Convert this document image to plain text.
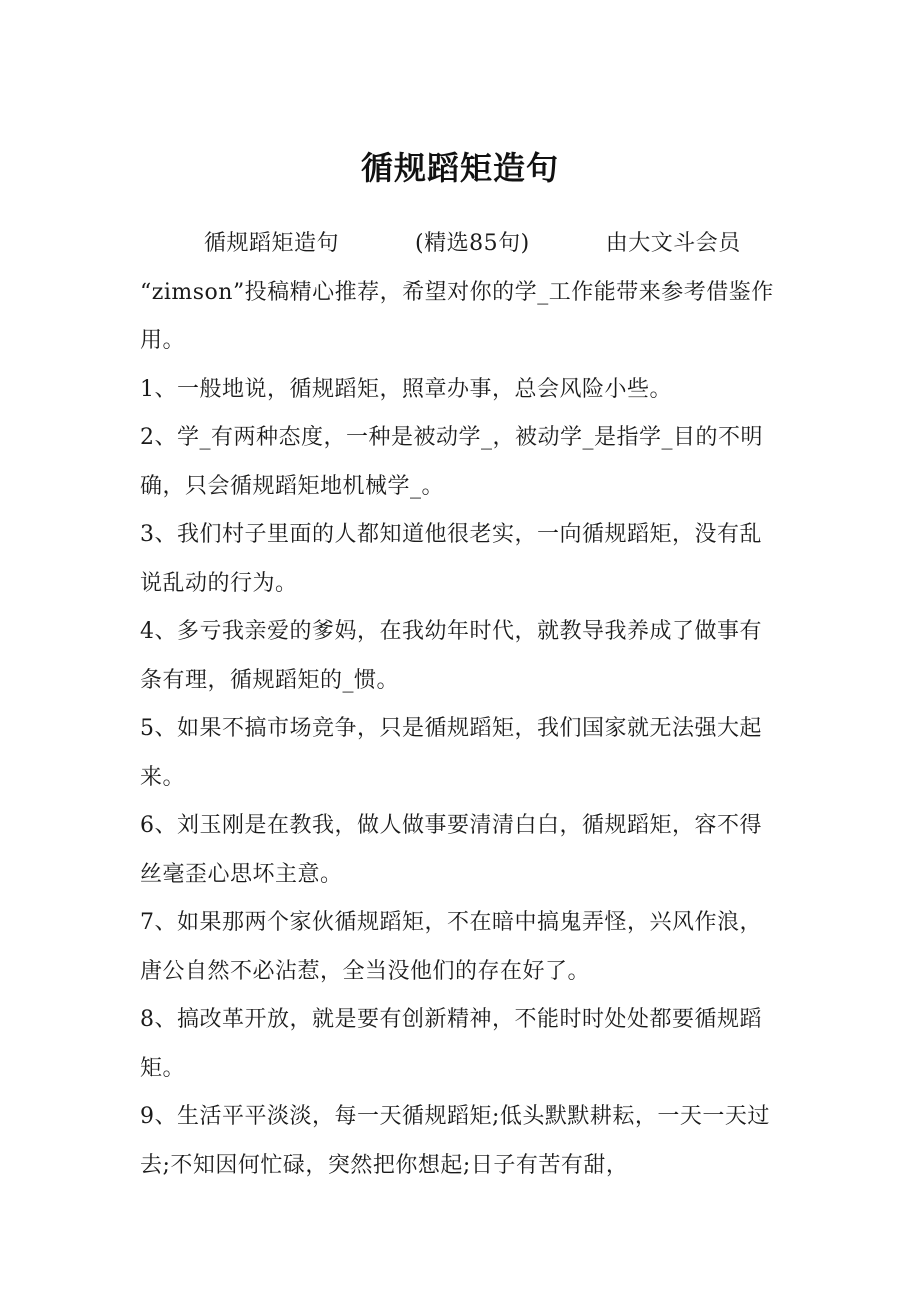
循规蹈矩造句
循规蹈矩造句	(精选85句)	由大文斗会员

“zimson”投稿精心推荐，希望对你的学_工作能带来参考借鉴作用。

1、一般地说，循规蹈矩，照章办事，总会风险小些。

2、学_有两种态度，一种是被动学_，被动学_是指学_目的不明确，只会循规蹈矩地机械学_。

3、我们村子里面的人都知道他很老实，一向循规蹈矩，没有乱说乱动的行为。

4、多亏我亲爱的爹妈，在我幼年时代，就教导我养成了做事有条有理，循规蹈矩的_惯。

5、如果不搞市场竞争，只是循规蹈矩，我们国家就无法强大起来。

6、刘玉刚是在教我，做人做事要清清白白，循规蹈矩，容不得丝毫歪心思坏主意。

7、如果那两个家伙循规蹈矩，不在暗中搞鬼弄怪，兴风作浪，唐公自然不必沾惹，全当没他们的存在好了。

8、搞改革开放，就是要有创新精神，不能时时处处都要循规蹈矩。

9、生活平平淡淡，每一天循规蹈矩;低头默默耕耘，一天一天过去;不知因何忙碌，突然把你想起;日子有苦有甜，
